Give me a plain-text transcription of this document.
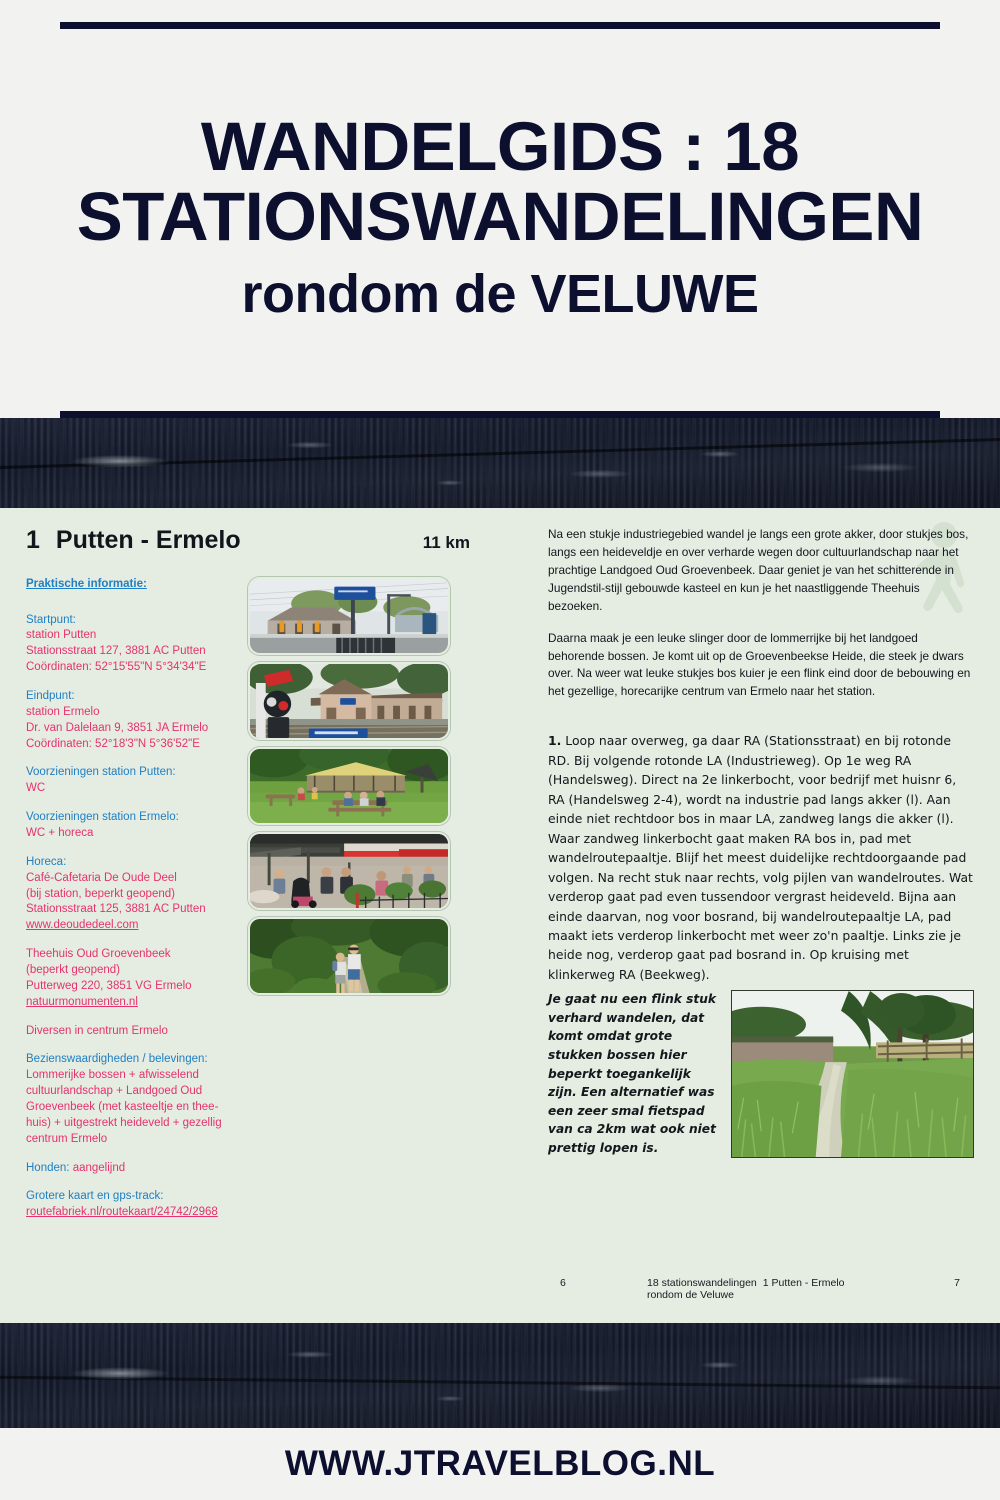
WANDELGIDS : 18
STATIONSWANDELINGEN
rondom de VELUWE
1 Putten - Ermelo	11 km
Praktische informatie:
Startpunt:
station Putten
Stationsstraat 127, 3881 AC Putten
Coördinaten: 52°15'55"N 5°34'34"E
Eindpunt:
station Ermelo
Dr. van Dalelaan 9, 3851 JA Ermelo
Coördinaten: 52°18'3"N 5°36'52"E
Voorzieningen station Putten:
WC
Voorzieningen station Ermelo:
WC + horeca
Horeca:
Café-Cafetaria De Oude Deel
(bij station, beperkt geopend)
Stationsstraat 125, 3881 AC Putten
www.deoudedeel.com
Theehuis Oud Groevenbeek
(beperkt geopend)
Putterweg 220, 3851 VG Ermelo
natuurmonumenten.nl
Diversen in centrum Ermelo
Bezienswaardigheden / belevingen:
Lommerijke bossen + afwisselend
cultuurlandschap + Landgoed Oud
Groevenbeek (met kasteeltje en thee-
huis) + uitgestrekt heideveld + gezellig
centrum Ermelo
Honden: aangelijnd
Grotere kaart en gps-track:
routefabriek.nl/routekaart/24742/2968

Na een stukje industriegebied wandel je langs een grote akker, door stukjes bos, langs een heideveldje en over verharde wegen door cultuurlandschap naar het prachtige Landgoed Oud Groevenbeek. Daar geniet je van het schitterende in Jugendstil-stijl gebouwde kasteel en kun je het naastliggende Theehuis bezoeken.

Daarna maak je een leuke slinger door de lommerrijke bij het landgoed behorende bossen. Je komt uit op de Groevenbeekse Heide, die steek je dwars over. Na weer wat leuke stukjes bos kuier je een flink eind door de bebouwing en het gezellige, horecarijke centrum van Ermelo naar het station.

1. Loop naar overweg, ga daar RA (Stationsstraat) en bij rotonde RD. Bij volgende rotonde LA (Industrieweg). Op 1e weg RA (Handelsweg). Direct na 2e linkerbocht, voor bedrijf met huisnr 6, RA (Handelsweg 2-4), wordt na industrie pad langs akker (l). Aan einde niet rechtdoor bos in maar LA, zandweg langs die akker (l). Waar zandweg linkerbocht gaat maken RA bos in, pad met wandelroutepaaltje. Blijf het meest duidelijke rechtdoorgaande pad volgen. Na recht stuk naar rechts, volg pijlen van wandelroutes. Wat verderop gaat pad even tussendoor vergrast heideveld. Bijna aan einde daarvan, nog voor bosrand, bij wandelroutepaaltje LA, pad maakt iets verderop linkerbocht met weer zo'n paaltje. Links zie je heide nog, verderop gaat pad bosrand in. Op kruising met klinkerweg RA (Beekweg).
Je gaat nu een flink stuk verhard wandelen, dat komt omdat grote stukken bossen hier beperkt toegankelijk zijn. Een alternatief was een zeer smal fietspad van ca 2km wat ook niet prettig lopen is.
6	18 stationswandelingen rondom de Veluwe
1 Putten - Ermelo	7
WWW.JTRAVELBLOG.NL
